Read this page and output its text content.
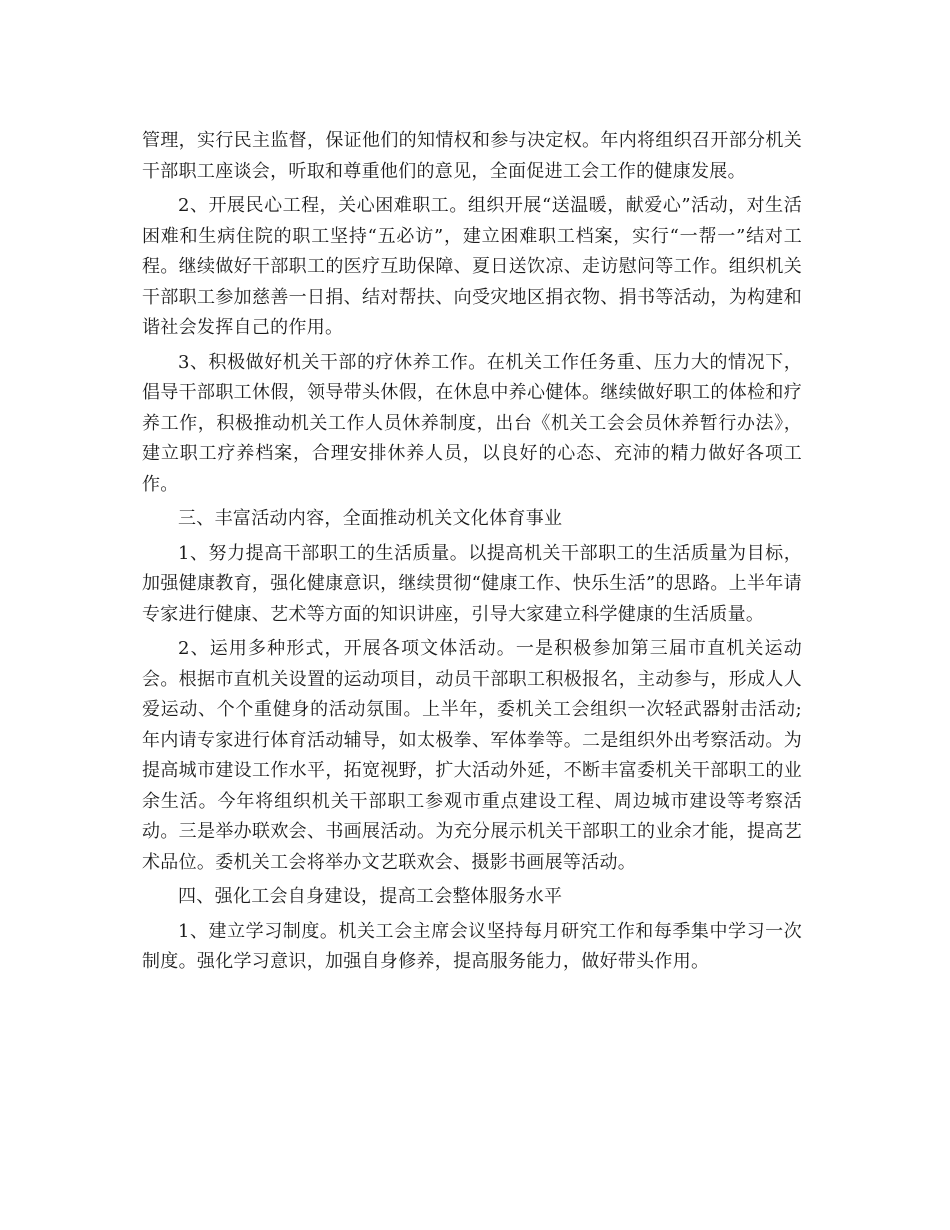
管理，实行民主监督，保证他们的知情权和参与决定权。年内将组织召开部分机关干部职工座谈会，听取和尊重他们的意见，全面促进工会工作的健康发展。

2、开展民心工程，关心困难职工。组织开展“送温暖，献爱心”活动，对生活困难和生病住院的职工坚持“五必访”，建立困难职工档案，实行“一帮一”结对工程。继续做好干部职工的医疗互助保障、夏日送饮凉、走访慰问等工作。组织机关干部职工参加慈善一日捐、结对帮扶、向受灾地区捐衣物、捐书等活动，为构建和谐社会发挥自己的作用。

3、积极做好机关干部的疗休养工作。在机关工作任务重、压力大的情况下，倡导干部职工休假，领导带头休假，在休息中养心健体。继续做好职工的体检和疗养工作，积极推动机关工作人员休养制度，出台《机关工会会员休养暂行办法》，建立职工疗养档案，合理安排休养人员，以良好的心态、充沛的精力做好各项工作。

三、丰富活动内容，全面推动机关文化体育事业

1、努力提高干部职工的生活质量。以提高机关干部职工的生活质量为目标，加强健康教育，强化健康意识，继续贯彻“健康工作、快乐生活”的思路。上半年请专家进行健康、艺术等方面的知识讲座，引导大家建立科学健康的生活质量。

2、运用多种形式，开展各项文体活动。一是积极参加第三届市直机关运动会。根据市直机关设置的运动项目，动员干部职工积极报名，主动参与，形成人人爱运动、个个重健身的活动氛围。上半年，委机关工会组织一次轻武器射击活动;年内请专家进行体育活动辅导，如太极拳、军体拳等。二是组织外出考察活动。为提高城市建设工作水平，拓宽视野，扩大活动外延，不断丰富委机关干部职工的业余生活。今年将组织机关干部职工参观市重点建设工程、周边城市建设等考察活动。三是举办联欢会、书画展活动。为充分展示机关干部职工的业余才能，提高艺术品位。委机关工会将举办文艺联欢会、摄影书画展等活动。

四、强化工会自身建设，提高工会整体服务水平

1、建立学习制度。机关工会主席会议坚持每月研究工作和每季集中学习一次制度。强化学习意识，加强自身修养，提高服务能力，做好带头作用。
